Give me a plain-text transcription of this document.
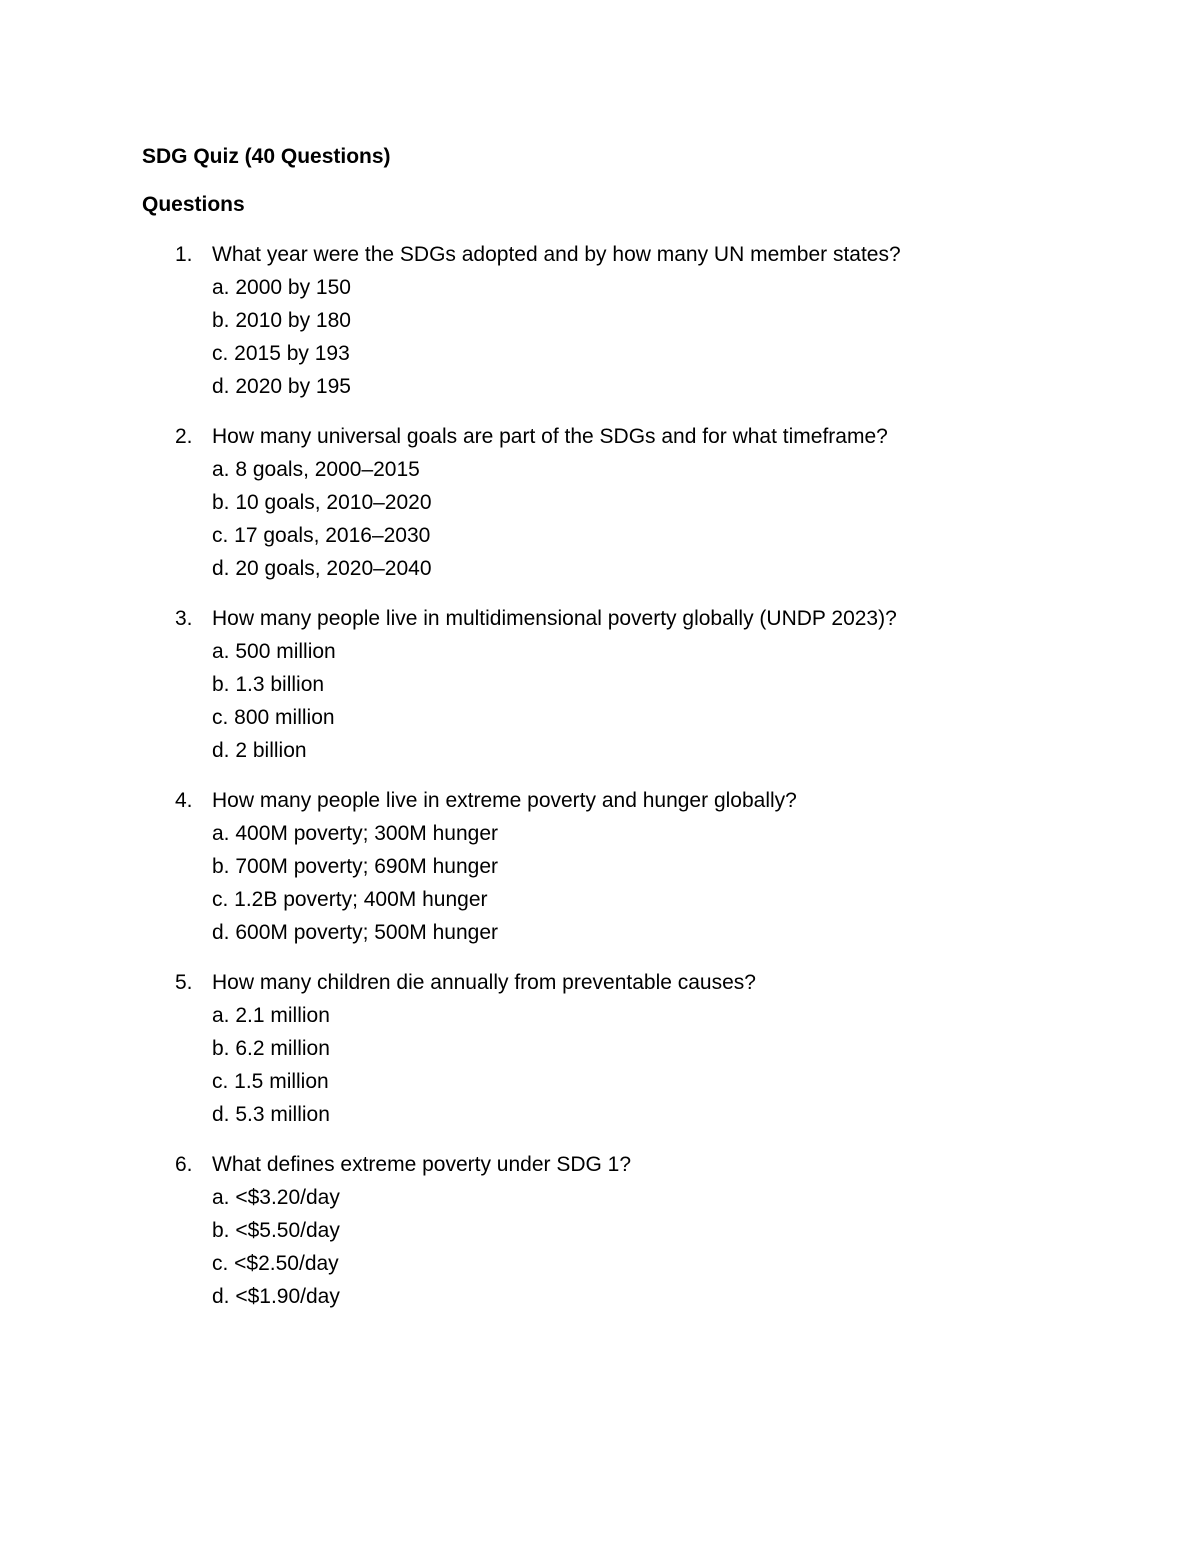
SDG Quiz (40 Questions)
Questions
1. What year were the SDGs adopted and by how many UN member states?
a. 2000 by 150
b. 2010 by 180
c. 2015 by 193
d. 2020 by 195
2. How many universal goals are part of the SDGs and for what timeframe?
a. 8 goals, 2000–2015
b. 10 goals, 2010–2020
c. 17 goals, 2016–2030
d. 20 goals, 2020–2040
3. How many people live in multidimensional poverty globally (UNDP 2023)?
a. 500 million
b. 1.3 billion
c. 800 million
d. 2 billion
4. How many people live in extreme poverty and hunger globally?
a. 400M poverty; 300M hunger
b. 700M poverty; 690M hunger
c. 1.2B poverty; 400M hunger
d. 600M poverty; 500M hunger
5. How many children die annually from preventable causes?
a. 2.1 million
b. 6.2 million
c. 1.5 million
d. 5.3 million
6. What defines extreme poverty under SDG 1?
a. <$3.20/day
b. <$5.50/day
c. <$2.50/day
d. <$1.90/day
